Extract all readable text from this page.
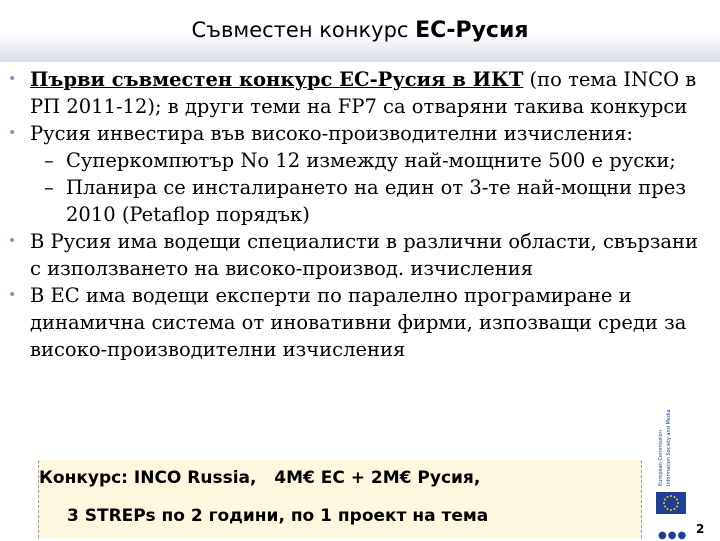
Съвместен конкурс ЕС-Русия

• Първи съвместен конкурс ЕС-Русия в ИКТ (по тема INCO в РП 2011-12); в други теми на FP7 са отваряни такива конкурси

• Русия инвестира във високо-производителни изчисления:

– Суперкомпютър No 12 измежду най-мощните 500 е руски;

– Планира се инсталирането на един от 3-те най-мощни през 2010 (Petaflop порядък)

• В Русия има водещи специалисти в различни области, свързани с използването на високо-производ. изчисления

• В ЕС има водещи експерти по паралелно програмиране и динамична система от иновативни фирми, изпозващи среди за високо-производителни изчисления

Конкурс: INCO Russia,   4M€ ЕС + 2M€ Русия,
3 STREPs по 2 години, по 1 проект на тема
European Commission Information Society and Media
●●● 2
